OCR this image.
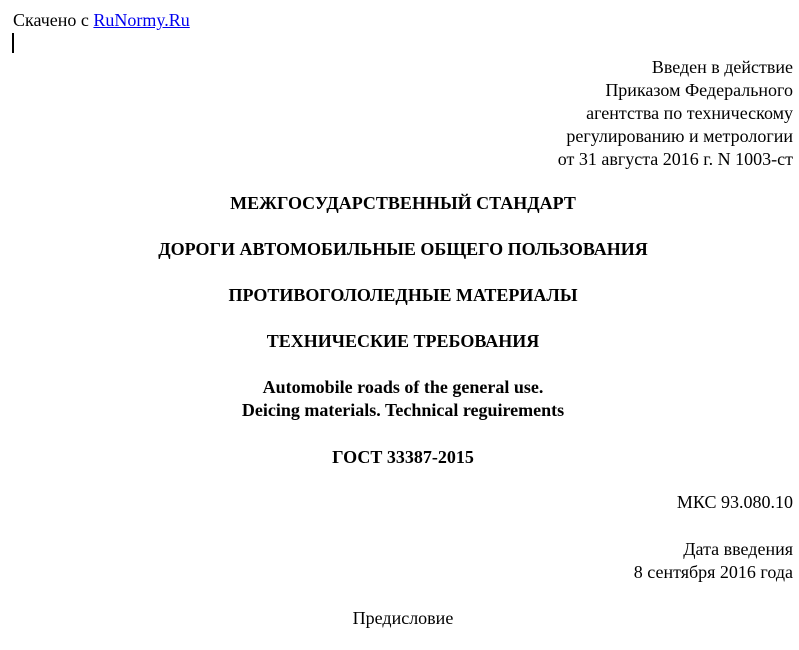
Скачено с RuNormy.Ru
Введен в действие
Приказом Федерального
агентства по техническому
регулированию и метрологии
от 31 августа 2016 г. N 1003-ст
МЕЖГОСУДАРСТВЕННЫЙ СТАНДАРТ
ДОРОГИ АВТОМОБИЛЬНЫЕ ОБЩЕГО ПОЛЬЗОВАНИЯ
ПРОТИВОГОЛОЛЕДНЫЕ МАТЕРИАЛЫ
ТЕХНИЧЕСКИЕ ТРЕБОВАНИЯ
Automobile roads of the general use.
Deicing materials. Technical reguirements
ГОСТ 33387-2015
МКС 93.080.10
Дата введения
8 сентября 2016 года
Предисловие
